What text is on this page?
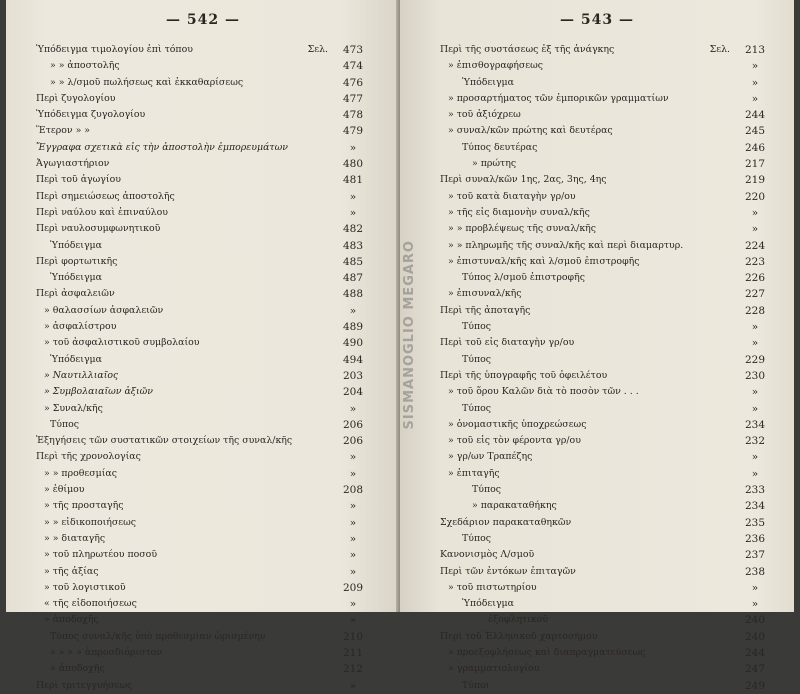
— 542 —
Ὑπόδειγμα τιμολογίου ἐπὶ τόπου	Σελ.	473
» » ἀποστολῆς	474
» » λ/σμοῦ πωλήσεως καὶ ἐκκαθαρίσεως	476
Περὶ ζυγολογίου	477
Ὑπόδειγμα ζυγολογίου	478
Ἕτερον » »	479
Ἔγγραφα σχετικὰ εἰς τὴν ἀποστολὴν ἐμπορευμάτων	»
Ἀγωγιαστήριον	480
Περὶ τοῦ ἀγωγίου	481
Περὶ σημειώσεως ἀποστολῆς	»
Περὶ ναύλου καὶ ἐπιναύλου	»
Περὶ ναυλοσυμφωνητικοῦ	482
Ὑπόδειγμα	483
Περὶ φορτωτικῆς	485
Ὑπόδειγμα	487
Περὶ ἀσφαλειῶν	488
» θαλασσίων ἀσφαλειῶν	»
» ἀσφαλίστρου	489
» τοῦ ἀσφαλιστικοῦ συμβολαίου	490
Ὑπόδειγμα	494
» Ναυτιλλιαῖος	203
» Συμβολαιαῖων ἀξιῶν	204
» Συναλ/κῆς	»
Τύπος	206
Ἐξηγήσεις τῶν συστατικῶν στοιχείων τῆς συναλ/κῆς	206
Περὶ τῆς χρονολογίας	»
» » προθεσμίας	»
» ἐθίμου	208
» τῆς προσταγῆς	»
» » εἰδικοποιήσεως	»
» » διαταγῆς	»
» τοῦ πληρωτέου ποσοῦ	»
» τῆς ἀξίας	»
» τοῦ λογιστικοῦ	209
« τῆς εἰδοποιήσεως	»
» ἀποδοχῆς	»
Τύπος συναλ/κῆς ὑπὸ προθεσμίαν ὡρισμένην	210
» » » » ἀπροσδιόριστον	211
» ἀποδοχῆς	212
Περὶ τριτεγγυήσεως	»
— 543 —
Περὶ τῆς συστάσεως ἐξ τῆς ἀνάγκης	Σελ.	213
» ἐπισθογραφήσεως	»
Ὑπόδειγμα	»
» προσαρτήματος τῶν ἐμπορικῶν γραμματίων	»
» τοῦ ἀξιόχρεω	244
» συναλ/κῶν πρώτης καὶ δευτέρας	245
Τύπος δευτέρας	246
» πρώτης	217
Περὶ συναλ/κῶν 1ης, 2ας, 3ης, 4ης	219
» τοῦ κατὰ διαταγὴν γρ/ου	220
» τῆς εἰς διαμονὴν συναλ/κῆς	»
» » προβλέψεως τῆς συναλ/κῆς	»
» » πληρωμῆς τῆς συναλ/κῆς καὶ περὶ διαμαρτυρ.	224
» ἐπιστυναλ/κῆς καὶ λ/σμοῦ ἐπιστροφῆς	223
Τύπος λ/σμοῦ ἐπιστροφῆς	226
» ἐπισυναλ/κῆς	227
Περὶ τῆς ἀποταγῆς	228
Τύπος	»
Περὶ τοῦ εἰς διαταγὴν γρ/ου	»
Τύπος	229
Περὶ τῆς ὑπογραφῆς τοῦ ὀφειλέτου	230
» τοῦ ὅρου Καλῶν διὰ τὸ ποσὸν τῶν . . .	»
Τύπος	»
» ὀνομαστικῆς ὑποχρεώσεως	234
» τοῦ εἰς τὸν φέροντα γρ/ου	232
» γρ/ων Τραπέζης	»
» ἐπιταγῆς	»
Τύπος	233
» παρακαταθήκης	234
Σχεδάριον παρακαταθηκῶν	235
Τύπος	236
Κανονισμὸς Λ/σμοῦ	237
Περὶ τῶν ἐντόκων ἐπιταγῶν	238
» τοῦ πιστωτηρίου	»
Ὑπόδειγμα	»
ἐξοφλητικοῦ	240
Περὶ τοῦ Ἑλληνικοῦ χαρτοσήμου	240
» προεξοφλήσεως καὶ διαπραγματεύσεως	244
» γραμματιολογίου	247
Τύποι	249
SISMANOGLIO MEGARO
